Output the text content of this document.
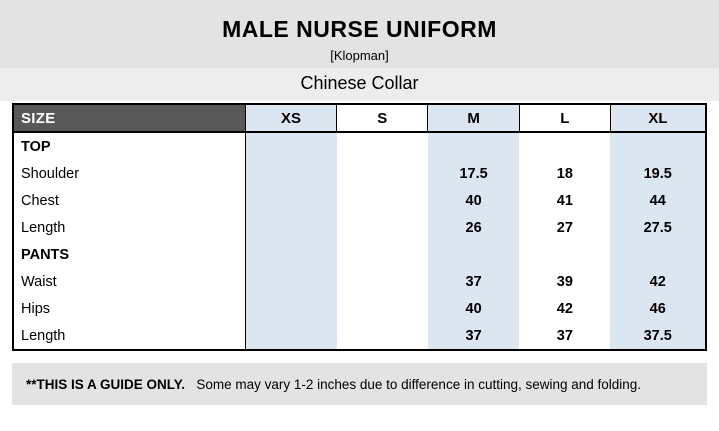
MALE NURSE UNIFORM
[Klopman]
Chinese Collar
SIZE	XS	S	M	L	XL
TOP					
Shoulder			17.5	18	19.5
Chest			40	41	44
Length			26	27	27.5
PANTS					
Waist			37	39	42
Hips			40	42	46
Length			37	37	37.5
**THIS IS A GUIDE ONLY. Some may vary 1-2 inches due to difference in cutting, sewing and folding.
